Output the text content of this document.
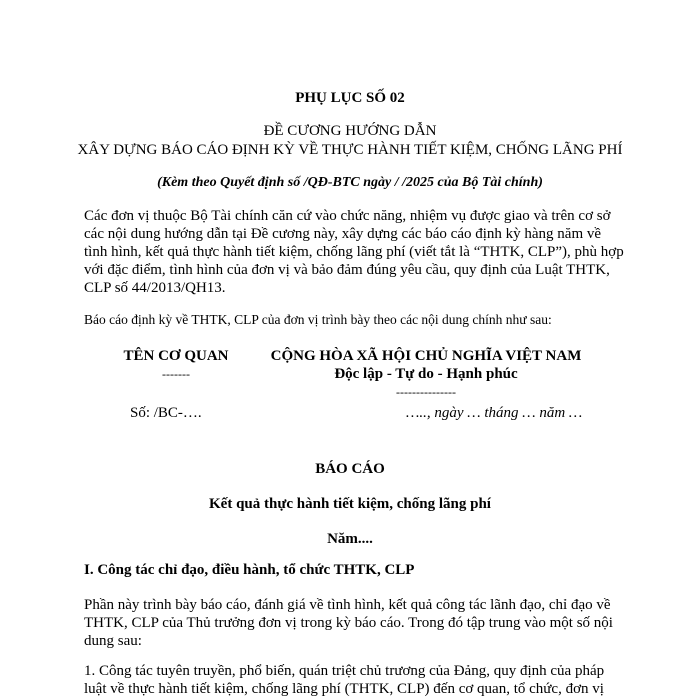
PHỤ LỤC SỐ 02
ĐỀ CƯƠNG HƯỚNG DẪN
XÂY DỰNG BÁO CÁO ĐỊNH KỲ VỀ THỰC HÀNH TIẾT KIỆM, CHỐNG LÃNG PHÍ
(Kèm theo Quyết định số /QĐ-BTC ngày / /2025 của Bộ Tài chính)
Các đơn vị thuộc Bộ Tài chính căn cứ vào chức năng, nhiệm vụ được giao và trên cơ sở các nội dung hướng dẫn tại Đề cương này, xây dựng các báo cáo định kỳ hàng năm về tình hình, kết quả thực hành tiết kiệm, chống lãng phí (viết tắt là “THTK, CLP”), phù hợp với đặc điểm, tình hình của đơn vị và bảo đảm đúng yêu cầu, quy định của Luật THTK, CLP số 44/2013/QH13.
Báo cáo định kỳ về THTK, CLP của đơn vị trình bày theo các nội dung chính như sau:
TÊN CƠ QUAN
-------
CỘNG HÒA XÃ HỘI CHỦ NGHĨA VIỆT NAM
Độc lập - Tự do - Hạnh phúc
---------------
Số: /BC-….	….., ngày … tháng … năm …
BÁO CÁO
Kết quả thực hành tiết kiệm, chống lãng phí
Năm....
I. Công tác chỉ đạo, điều hành, tổ chức THTK, CLP
Phần này trình bày báo cáo, đánh giá về tình hình, kết quả công tác lãnh đạo, chỉ đạo về THTK, CLP của Thủ trưởng đơn vị trong kỳ báo cáo. Trong đó tập trung vào một số nội dung sau:
1. Công tác tuyên truyền, phổ biến, quán triệt chủ trương của Đảng, quy định của pháp luật về thực hành tiết kiệm, chống lãng phí (THTK, CLP) đến cơ quan, tổ chức, đơn vị
